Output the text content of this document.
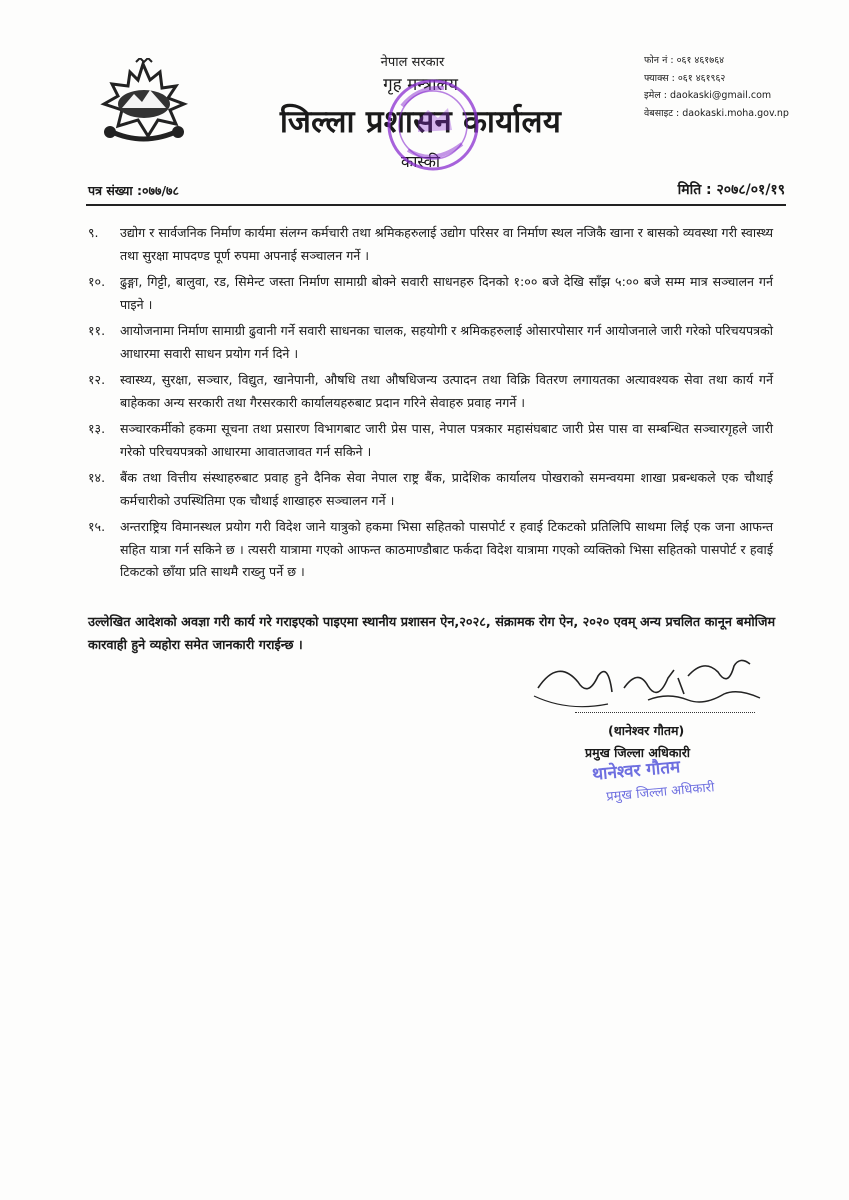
नेपाल सरकार
गृह मन्त्रालय
जिल्ला प्रशासन कार्यालय
कास्की
फोन नं : ०६१ ४६१७६४
फ्याक्स : ०६१ ४६१९६२
इमेल : daokaski@gmail.com
वेबसाइट : daokaski.moha.gov.np
पत्र संख्या :०७७/७८	मिति : २०७८/०१/१९
९.	उद्योग र सार्वजनिक निर्माण कार्यमा संलग्न कर्मचारी तथा श्रमिकहरुलाई उद्योग परिसर वा निर्माण स्थल नजिकै खाना र बासको व्यवस्था गरी स्वास्थ्य तथा सुरक्षा मापदण्ड पूर्ण रुपमा अपनाई सञ्चालन गर्ने ।
१०.	ढुङ्गा, गिट्टी, बालुवा, रड, सिमेन्ट जस्ता निर्माण सामाग्री बोक्ने सवारी साधनहरु दिनको १:०० बजे देखि साँझ ५:०० बजे सम्म मात्र सञ्चालन गर्न पाइने ।
११.	आयोजनामा निर्माण सामाग्री ढुवानी गर्ने सवारी साधनका चालक, सहयोगी र श्रमिकहरुलाई ओसारपोसार गर्न आयोजनाले जारी गरेको परिचयपत्रको आधारमा सवारी साधन प्रयोग गर्न दिने ।
१२.	स्वास्थ्य, सुरक्षा, सञ्चार, विद्युत, खानेपानी, औषधि तथा औषधिजन्य उत्पादन तथा विक्रि वितरण लगायतका अत्यावश्यक सेवा तथा कार्य गर्ने बाहेकका अन्य सरकारी तथा गैरसरकारी कार्यालयहरुबाट प्रदान गरिने सेवाहरु प्रवाह नगर्ने ।
१३.	सञ्चारकर्मीको हकमा सूचना तथा प्रसारण विभागबाट जारी प्रेस पास, नेपाल पत्रकार महासंघबाट जारी प्रेस पास वा सम्बन्धित सञ्चारगृहले जारी गरेको परिचयपत्रको आधारमा आवातजावत गर्न सकिने ।
१४.	बैंक तथा वित्तीय संस्थाहरुबाट प्रवाह हुने दैनिक सेवा नेपाल राष्ट्र बैंक, प्रादेशिक कार्यालय पोखराको समन्वयमा शाखा प्रबन्धकले एक चौथाई कर्मचारीको उपस्थितिमा एक चौथाई शाखाहरु सञ्चालन गर्ने ।
१५.	अन्तराष्ट्रिय विमानस्थल प्रयोग गरी विदेश जाने यात्रुको हकमा भिसा सहितको पासपोर्ट र हवाई टिकटको प्रतिलिपि साथमा लिई एक जना आफन्त सहित यात्रा गर्न सकिने छ । त्यसरी यात्रामा गएको आफन्त काठमाण्डौबाट फर्कदा विदेश यात्रामा गएको व्यक्तिको भिसा सहितको पासपोर्ट र हवाई टिकटको छाँया प्रति साथमै राख्नु पर्ने छ ।
उल्लेखित आदेशको अवज्ञा गरी कार्य गरे गराइएको पाइएमा स्थानीय प्रशासन ऐन,२०२८, संक्रामक रोग ऐन, २०२० एवम् अन्य प्रचलित कानून बमोजिम कारवाही हुने व्यहोरा समेत जानकारी गराईन्छ ।
(थानेश्वर गौतम)
प्रमुख जिल्ला अधिकारी
थानेश्वर गौतम
प्रमुख जिल्ला अधिकारी
